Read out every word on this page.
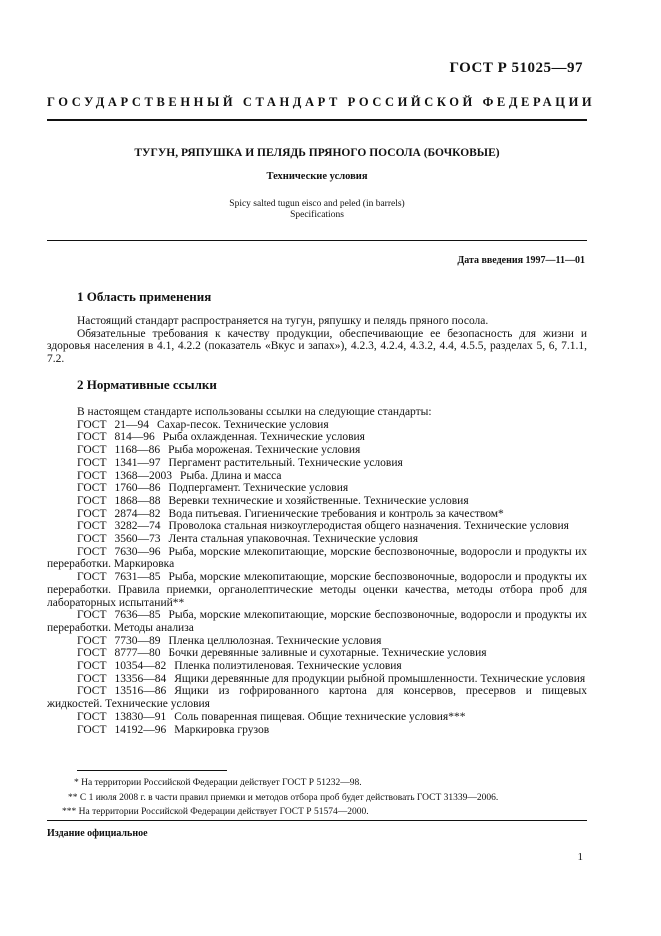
ГОСТ Р 51025—97
ГОСУДАРСТВЕННЫЙ СТАНДАРТ РОССИЙСКОЙ ФЕДЕРАЦИИ
ТУГУН, РЯПУШКА И ПЕЛЯДЬ ПРЯНОГО ПОСОЛА (БОЧКОВЫЕ)
Технические условия
Spicy salted tugun eisco and peled (in barrels)
Specifications
Дата введения 1997—11—01
1 Область применения

Настоящий стандарт распространяется на тугун, ряпушку и пелядь пряного посола.

Обязательные требования к качеству продукции, обеспечивающие ее безопасность для жизни и здоровья населения в 4.1, 4.2.2 (показатель «Вкус и запах»), 4.2.3, 4.2.4, 4.3.2, 4.4, 4.5.5, разделах 5, 6, 7.1.1, 7.2.

2 Нормативные ссылки

В настоящем стандарте использованы ссылки на следующие стандарты:

ГОСТ 21—94 Сахар-песок. Технические условия

ГОСТ 814—96 Рыба охлажденная. Технические условия

ГОСТ 1168—86 Рыба мороженая. Технические условия

ГОСТ 1341—97 Пергамент растительный. Технические условия

ГОСТ 1368—2003 Рыба. Длина и масса

ГОСТ 1760—86 Подпергамент. Технические условия

ГОСТ 1868—88 Веревки технические и хозяйственные. Технические условия

ГОСТ 2874—82 Вода питьевая. Гигиенические требования и контроль за качеством*

ГОСТ 3282—74 Проволока стальная низкоуглеродистая общего назначения. Технические условия

ГОСТ 3560—73 Лента стальная упаковочная. Технические условия

ГОСТ 7630—96 Рыба, морские млекопитающие, морские беспозвоночные, водоросли и продукты их переработки. Маркировка

ГОСТ 7631—85 Рыба, морские млекопитающие, морские беспозвоночные, водоросли и продукты их переработки. Правила приемки, органолептические методы оценки качества, методы отбора проб для лабораторных испытаний**

ГОСТ 7636—85 Рыба, морские млекопитающие, морские беспозвоночные, водоросли и продукты их переработки. Методы анализа

ГОСТ 7730—89 Пленка целлюлозная. Технические условия

ГОСТ 8777—80 Бочки деревянные заливные и сухотарные. Технические условия

ГОСТ 10354—82 Пленка полиэтиленовая. Технические условия

ГОСТ 13356—84 Ящики деревянные для продукции рыбной промышленности. Технические условия

ГОСТ 13516—86 Ящики из гофрированного картона для консервов, пресервов и пищевых жидкостей. Технические условия

ГОСТ 13830—91 Соль поваренная пищевая. Общие технические условия***

ГОСТ 14192—96 Маркировка грузов

* На территории Российской Федерации действует ГОСТ Р 51232—98.

** С 1 июля 2008 г. в части правил приемки и методов отбора проб будет действовать ГОСТ 31339—2006.

*** На территории Российской Федерации действует ГОСТ Р 51574—2000.

Издание официальное
1
